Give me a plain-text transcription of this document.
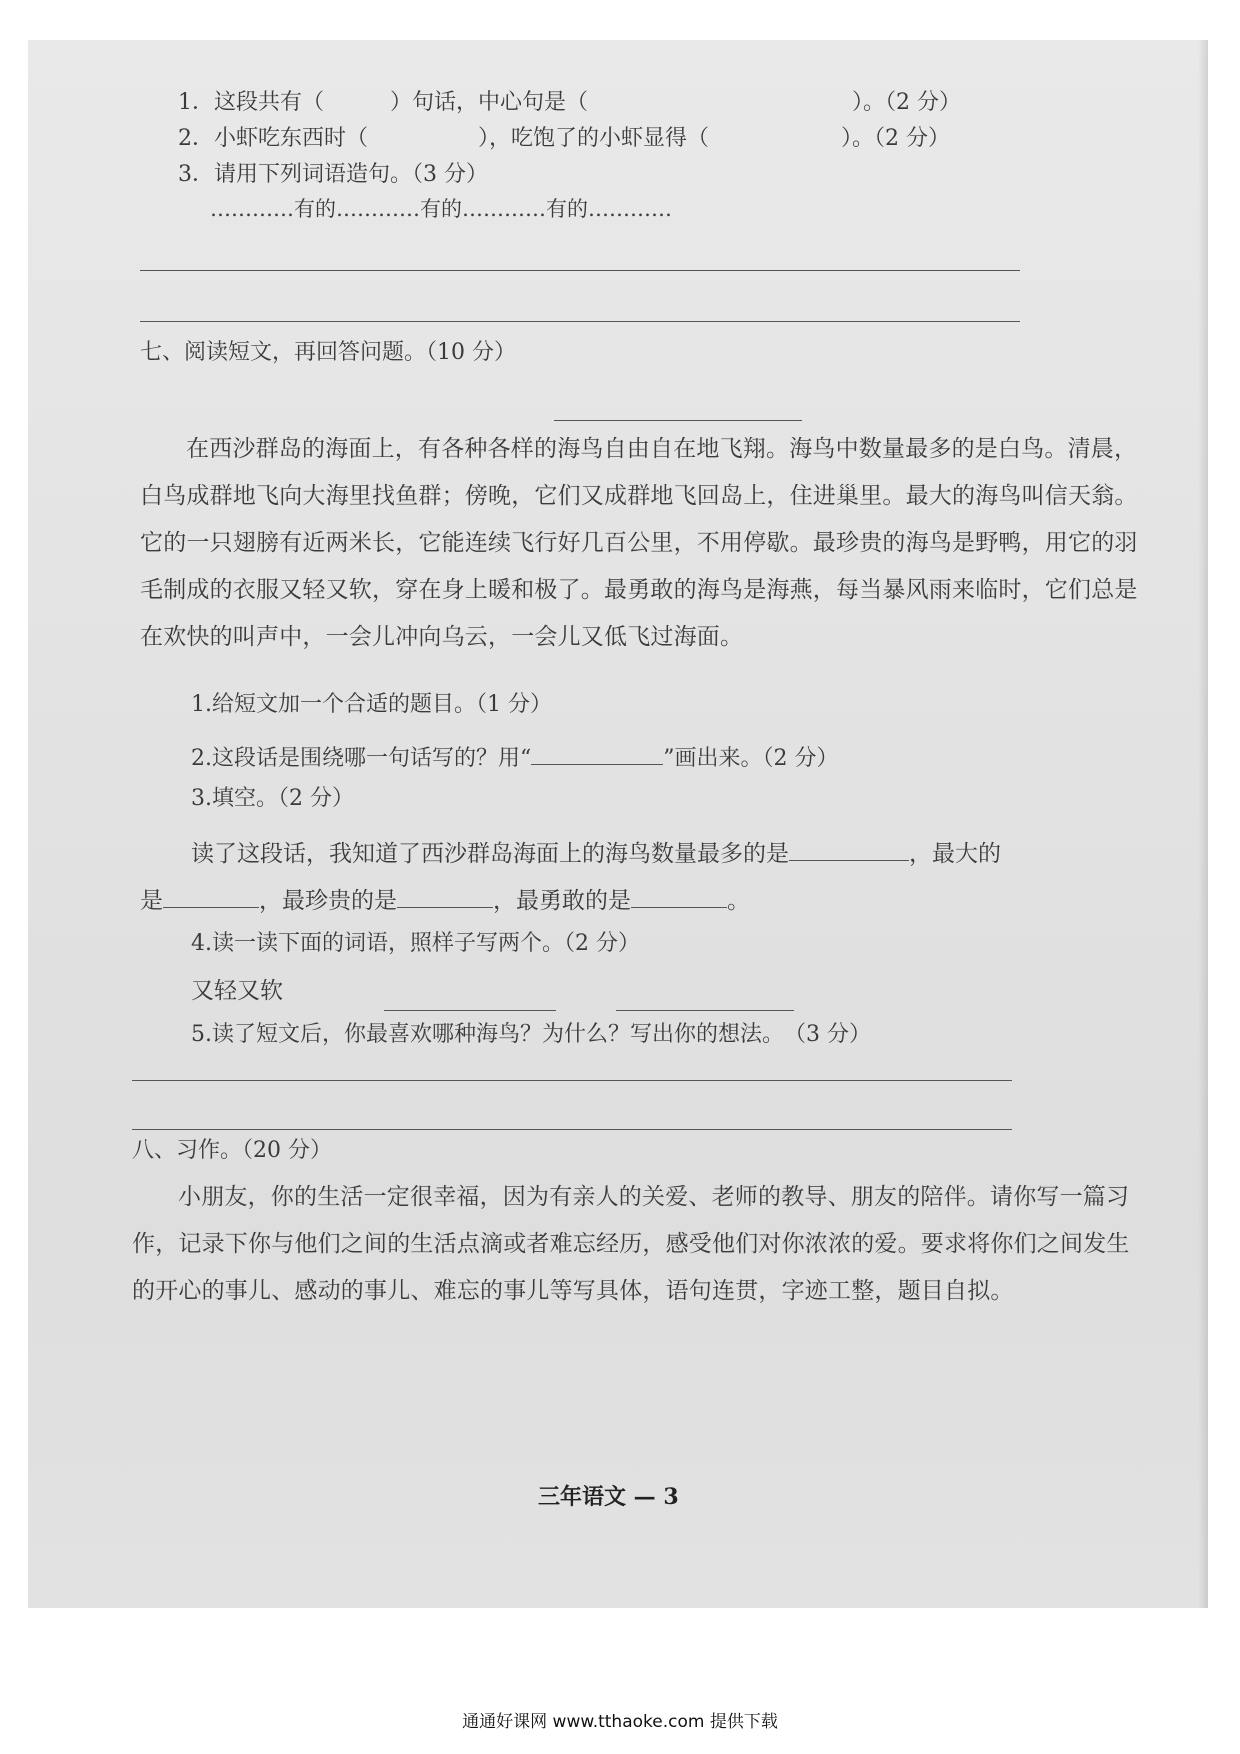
1．这段共有（　　　）句话，中心句是（　　　　　　　　　　　　）。（2 分）
2．小虾吃东西时（　　　　　），吃饱了的小虾显得（　　　　　　）。（2 分）
3．请用下列词语造句。（3 分）
…………有的…………有的…………有的…………
七、阅读短文，再回答问题。（10 分）
在西沙群岛的海面上，有各种各样的海鸟自由自在地飞翔。海鸟中数量最多的是白鸟。清晨，白鸟成群地飞向大海里找鱼群；傍晚，它们又成群地飞回岛上，住进巢里。最大的海鸟叫信天翁。它的一只翅膀有近两米长，它能连续飞行好几百公里，不用停歇。最珍贵的海鸟是野鸭，用它的羽毛制成的衣服又轻又软，穿在身上暖和极了。最勇敢的海鸟是海燕，每当暴风雨来临时，它们总是在欢快的叫声中，一会儿冲向乌云，一会儿又低飞过海面。
1.给短文加一个合适的题目。（1 分）
2.这段话是围绕哪一句话写的？用“	”画出来。（2 分）
3.填空。（2 分）
读了这段话，我知道了西沙群岛海面上的海鸟数量最多的是	，最大的
是	，最珍贵的是	，最勇敢的是	。
4.读一读下面的词语，照样子写两个。（2 分）
又轻又软
5.读了短文后，你最喜欢哪种海鸟？为什么？写出你的想法。　（3 分）
八、习作。（20 分）
小朋友，你的生活一定很幸福，因为有亲人的关爱、老师的教导、朋友的陪伴。请你写一篇习作，记录下你与他们之间的生活点滴或者难忘经历，感受他们对你浓浓的爱。要求将你们之间发生的开心的事儿、感动的事儿、难忘的事儿等写具体，语句连贯，字迹工整，题目自拟。
三年语文 — 3
通通好课网 www.tthaoke.com 提供下载
